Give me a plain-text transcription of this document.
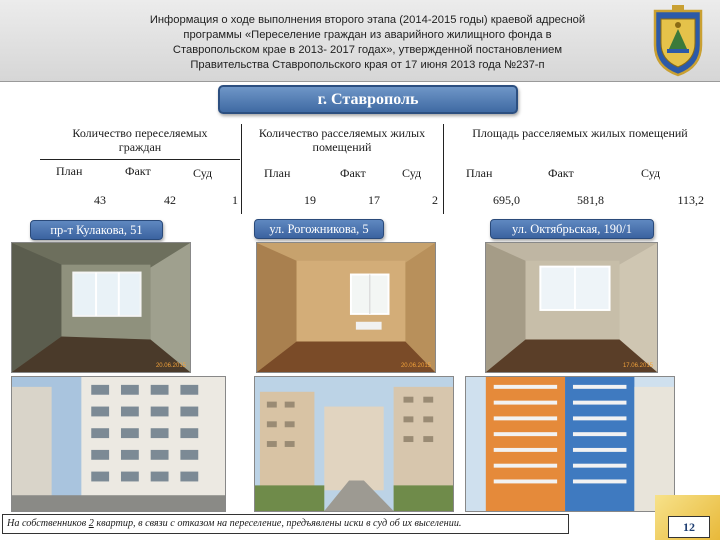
Информация о ходе выполнения второго этапа (2014-2015 годы) краевой адресной
программы «Переселение граждан из аварийного жилищного фонда в
Ставропольском крае в 2013- 2017 годах», утвержденной постановлением
Правительства Ставропольского края от 17 июня 2013 года №237-п
г. Ставрополь
Количество переселяемых граждан
План	Факт	Суд
43	42	1
Количество расселяемых жилых помещений
План	Факт	Суд
19	17	2
Площадь расселяемых жилых помещений
План	Факт	Суд
695,0	581,8	113,2
пр-т Кулакова, 51	ул. Рогожникова, 5	ул. Октябрьская, 190/1
20.06.2015	20.06.2015	17.06.2015
На собственников 2 квартир, в связи с отказом на переселение, предъявлены иски в суд об их выселении.	12
